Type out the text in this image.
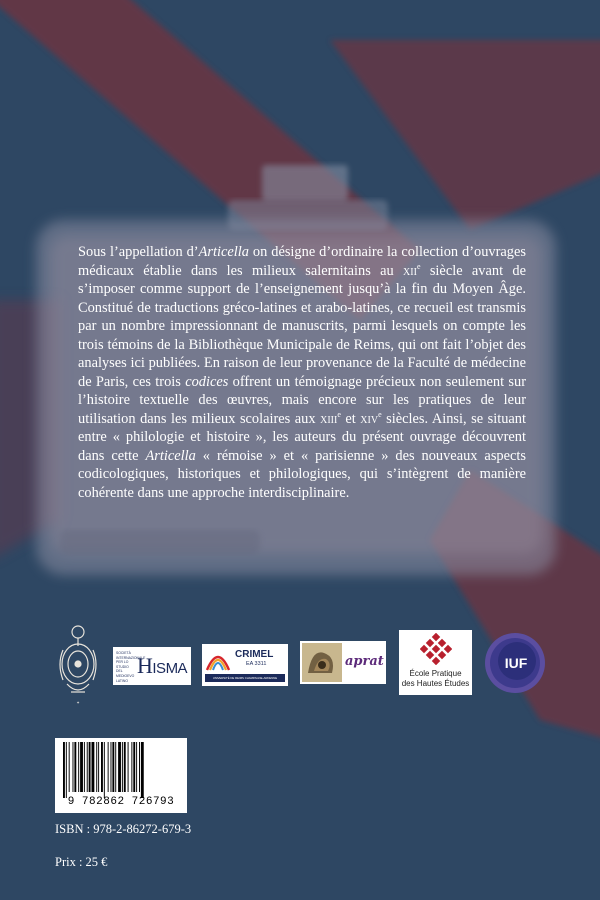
Sous l’appellation d’Articella on désigne d’ordinaire la collection d’ouvrages médicaux établie dans les milieux salernitains au xii$^e$ siècle avant de s’imposer comme support de l’enseignement jusqu’à la fin du Moyen Âge. Constitué de traductions gréco-latines et arabo-latines, ce recueil est transmis par un nombre impressionnant de manuscrits, parmi lesquels on compte les trois témoins de la Bibliothèque Municipale de Reims, qui ont fait l’objet des analyses ici publiées. En raison de leur provenance de la Faculté de médecine de Paris, ces trois codices offrent un témoignage précieux non seulement sur l’histoire textuelle des œuvres, mais encore sur les pratiques de leur utilisation dans les milieux scolaires aux xiii$^e$ et xiv$^e$ siècles. Ainsi, se situant entre « philologie et histoire », les auteurs du présent ouvrage découvrent dans cette Articella « rémoise » et « parisienne » des nouveaux aspects codicologiques, historiques et philologiques, qui s’intègrent de manière cohérente dans une approche interdisciplinaire.

✦
SOCIETÀ
INTERNAZIONALE
PER LO STUDIO
DEL MEDIOEVO
LATINO
HISMA
CRIMEL
EA 3311
UNIVERSITÉ DE REIMS CHAMPAGNE-ARDENNE
aprat
École Pratique
des Hautes Études
IUF
9 782862 726793
ISBN : 978-2-86272-679-3
Prix : 25 €
